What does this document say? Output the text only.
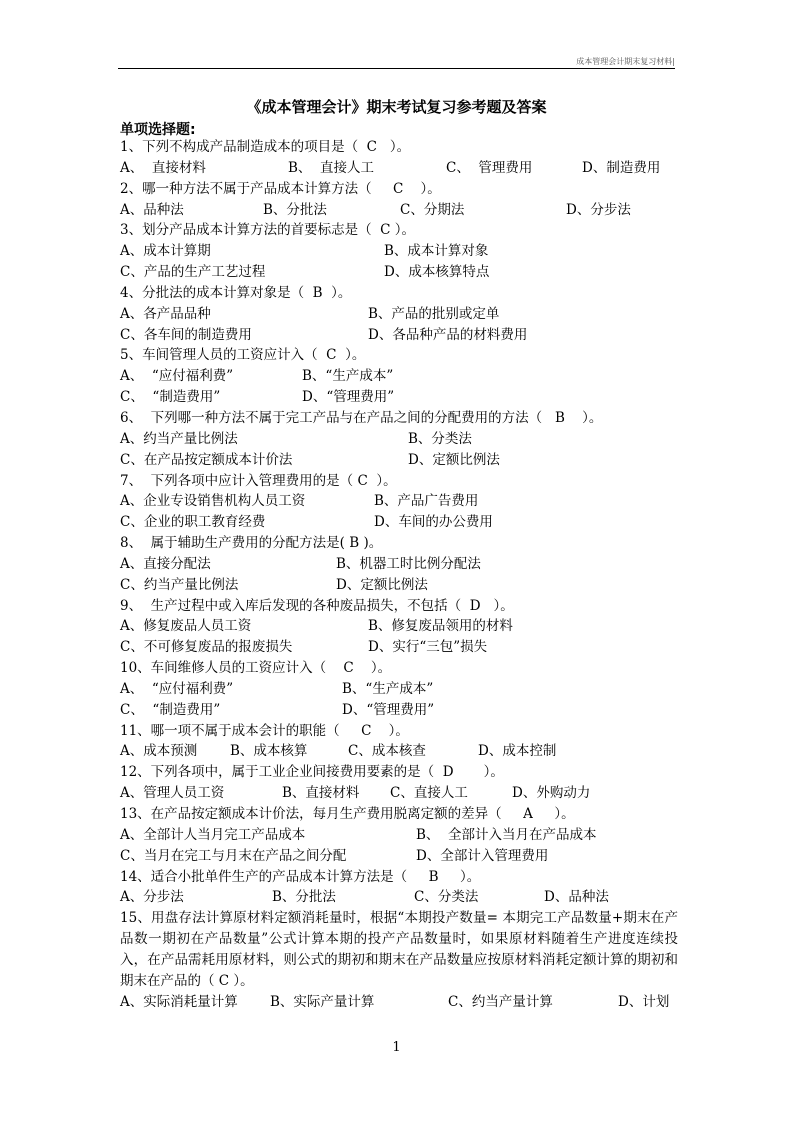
成本管理会计期末复习材料|
《成本管理会计》期末考试复习参考题及答案
单项选择题:
1、下列不构成产品制造成本的项目是（  C   ）。
A、  直接材料	B、  直接人工	C、  管理费用	D、制造费用
2、哪一种方法不属于产品成本计算方法（     C    ）。
A、品种法	B、分批法	C、分期法	D、分步法
3、划分产品成本计算方法的首要标志是（  C ）。
A、成本计算期	B、成本计算对象
C、产品的生产工艺过程	D、成本核算特点
4、分批法的成本计算对象是（  B  ）。
A、各产品品种	B、产品的批别或定单
C、各车间的制造费用	D、各品种产品的材料费用
5、车间管理人员的工资应计入（  C  ）。
A、  “应付福利费”	B、“生产成本”
C、  “制造费用”	D、“管理费用”
6、  下列哪一种方法不属于完工产品与在产品之间的分配费用的方法（   B    ）。
A、约当产量比例法	B、分类法
C、在产品按定额成本计价法	D、定额比例法
7、  下列各项中应计入管理费用的是（ C  ）。
A、企业专设销售机构人员工资	B、产品广告费用
C、企业的职工教育经费	D、车间的办公费用
8、  属于辅助生产费用的分配方法是( B )。
A、直接分配法	B、机器工时比例分配法
C、约当产量比例法	D、定额比例法
9、  生产过程中或入库后发现的各种废品损失，不包括（  D   ）。
A、修复废品人员工资	B、修复废品领用的材料
C、不可修复废品的报废损失	D、实行“三包”损失
10、车间维修人员的工资应计入（    C    ）。
A、  “应付福利费”	B、“生产成本”
C、  “制造费用”	D、“管理费用”
11、哪一项不属于成本会计的职能（     C    ）。
A、成本预测 B、成本核算	C、成本核查	D、成本控制
12、下列各项中，属于工业企业间接费用要素的是（  D       ）。
A、管理人员工资	B、直接材料 C、直接人工	D、外购动力
13、在产品按定额成本计价法，每月生产费用脱离定额的差异（     A     ）。
A、全部计人当月完工产品成本	B、  全部计入当月在产品成本
C、当月在完工与月末在产品之间分配	D、全部计入管理费用
14、适合小批单件生产的产品成本计算方法是（     B     ）。
A、分步法	B、分批法	C、分类法	D、品种法
15、用盘存法计算原材料定额消耗量时，根据“本期投产数量= 本期完工产品数量+期末在产品数一期初在产品数量”公式计算本期的投产产品数量时，如果原材料随着生产进度连续投入，在产品需耗用原材料，则公式的期初和期末在产品数量应按原材料消耗定额计算的期初和期末在产品的（ C ）。
A、实际消耗量计算 B、实际产量计算	C、约当产量计算	D、计划
1
